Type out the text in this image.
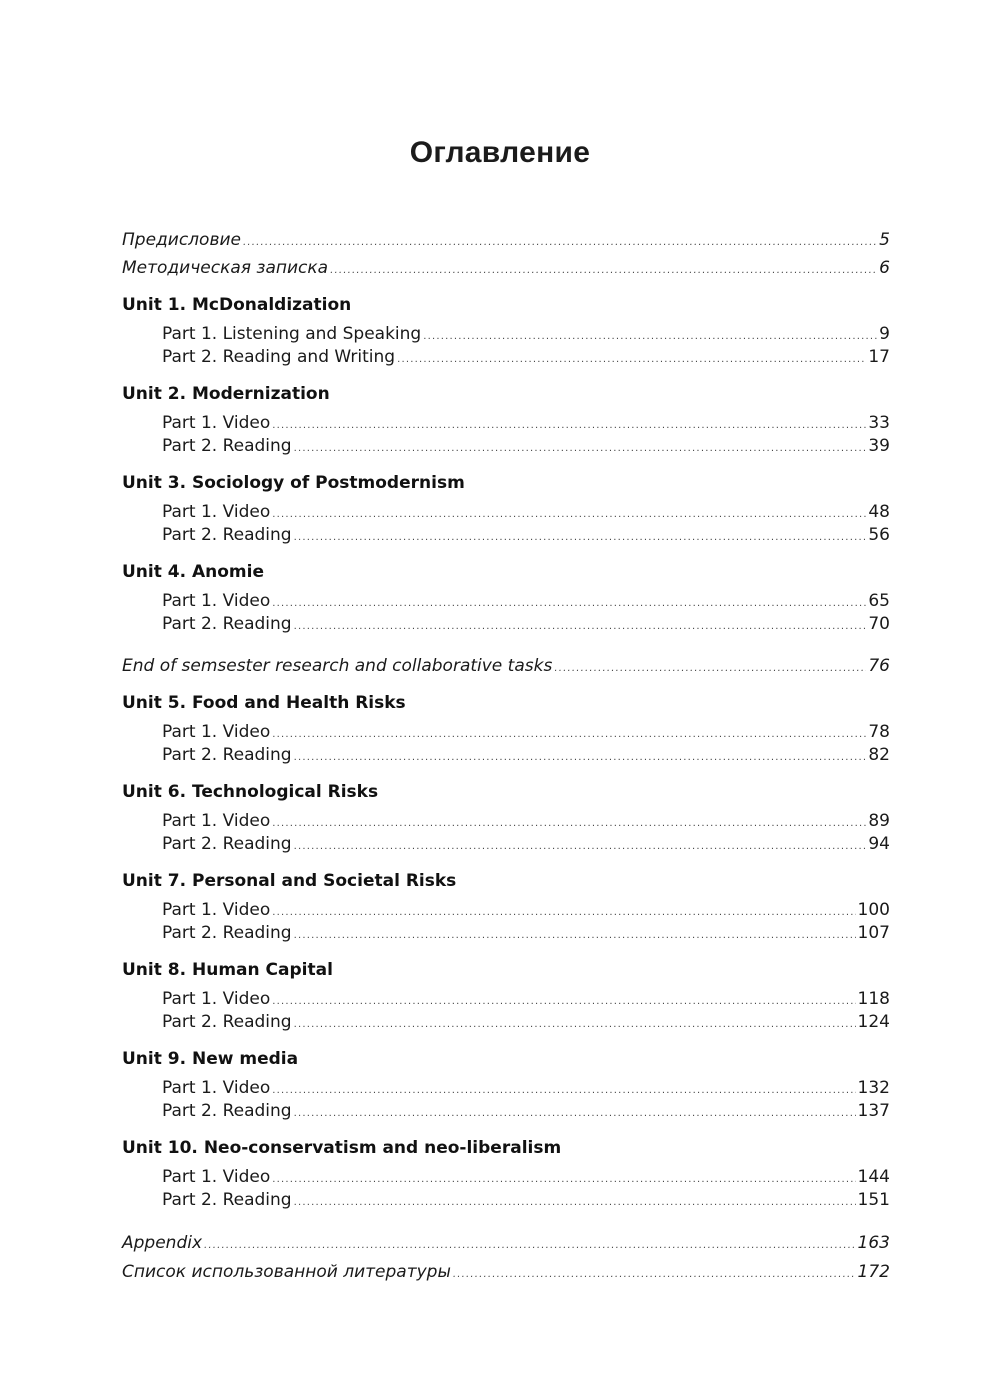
Оглавление
Предисловие .....	5
Методическая записка .....	6
Unit 1. McDonaldization
Part 1. Listening and Speaking .....	9
Part 2. Reading and Writing .....	17
Unit 2. Modernization
Part 1. Video .....	33
Part 2. Reading .....	39
Unit 3. Sociology of Postmodernism
Part 1. Video .....	48
Part 2. Reading .....	56
Unit 4. Anomie
Part 1. Video .....	65
Part 2. Reading .....	70
End of semsester research and collaborative tasks .....	76
Unit 5. Food and Health Risks
Part 1. Video .....	78
Part 2. Reading .....	82
Unit 6. Technological Risks
Part 1. Video .....	89
Part 2. Reading .....	94
Unit 7. Personal and Societal Risks
Part 1. Video .....	100
Part 2. Reading .....	107
Unit 8. Human Capital
Part 1. Video .....	118
Part 2. Reading .....	124
Unit 9. New media
Part 1. Video .....	132
Part 2. Reading .....	137
Unit 10. Neo-conservatism and neo-liberalism
Part 1. Video .....	144
Part 2. Reading .....	151
Appendix .....	163
Список использованной литературы .....	172
